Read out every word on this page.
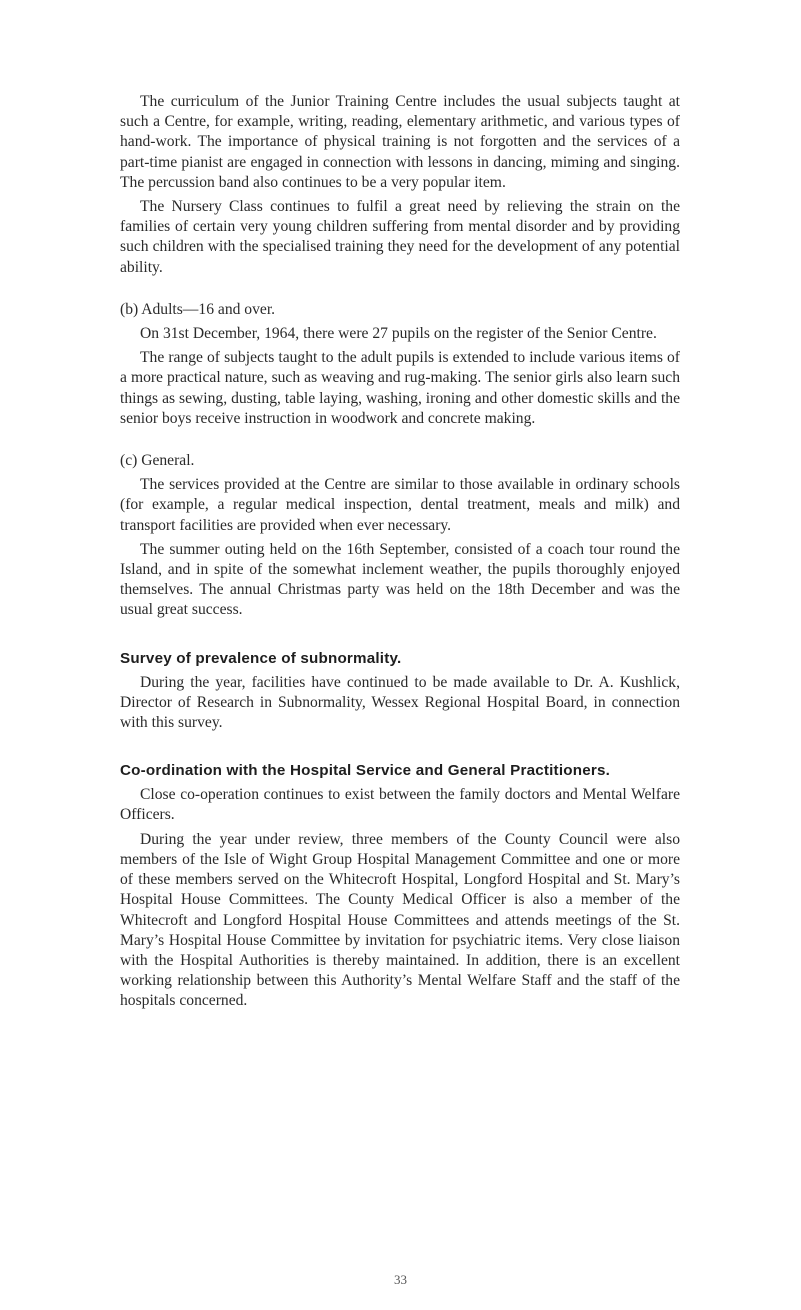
The curriculum of the Junior Training Centre includes the usual subjects taught at such a Centre, for example, writing, reading, elementary arithmetic, and various types of hand-work. The importance of physical training is not forgotten and the services of a part-time pianist are engaged in connection with lessons in dancing, miming and singing. The percussion band also continues to be a very popular item.

The Nursery Class continues to fulfil a great need by relieving the strain on the families of certain very young children suffering from mental disorder and by providing such children with the specialised training they need for the development of any potential ability.

(b) Adults—16 and over.

On 31st December, 1964, there were 27 pupils on the register of the Senior Centre.

The range of subjects taught to the adult pupils is extended to include various items of a more practical nature, such as weaving and rug-making. The senior girls also learn such things as sewing, dusting, table laying, washing, ironing and other domestic skills and the senior boys receive instruction in woodwork and concrete making.

(c) General.

The services provided at the Centre are similar to those available in ordinary schools (for example, a regular medical inspection, dental treatment, meals and milk) and transport facilities are provided when ever necessary.

The summer outing held on the 16th September, consisted of a coach tour round the Island, and in spite of the somewhat inclement weather, the pupils thoroughly enjoyed themselves. The annual Christmas party was held on the 18th December and was the usual great success.

Survey of prevalence of subnormality.

During the year, facilities have continued to be made available to Dr. A. Kushlick, Director of Research in Subnormality, Wessex Regional Hospital Board, in connection with this survey.

Co-ordination with the Hospital Service and General Practitioners.

Close co-operation continues to exist between the family doctors and Mental Welfare Officers.

During the year under review, three members of the County Council were also members of the Isle of Wight Group Hospital Management Committee and one or more of these members served on the Whitecroft Hospital, Longford Hospital and St. Mary’s Hospital House Committees. The County Medical Officer is also a member of the Whitecroft and Longford Hospital House Committees and attends meetings of the St. Mary’s Hospital House Committee by invitation for psychiatric items. Very close liaison with the Hospital Authorities is thereby maintained. In addition, there is an excellent working relationship between this Authority’s Mental Welfare Staff and the staff of the hospitals concerned.

33
